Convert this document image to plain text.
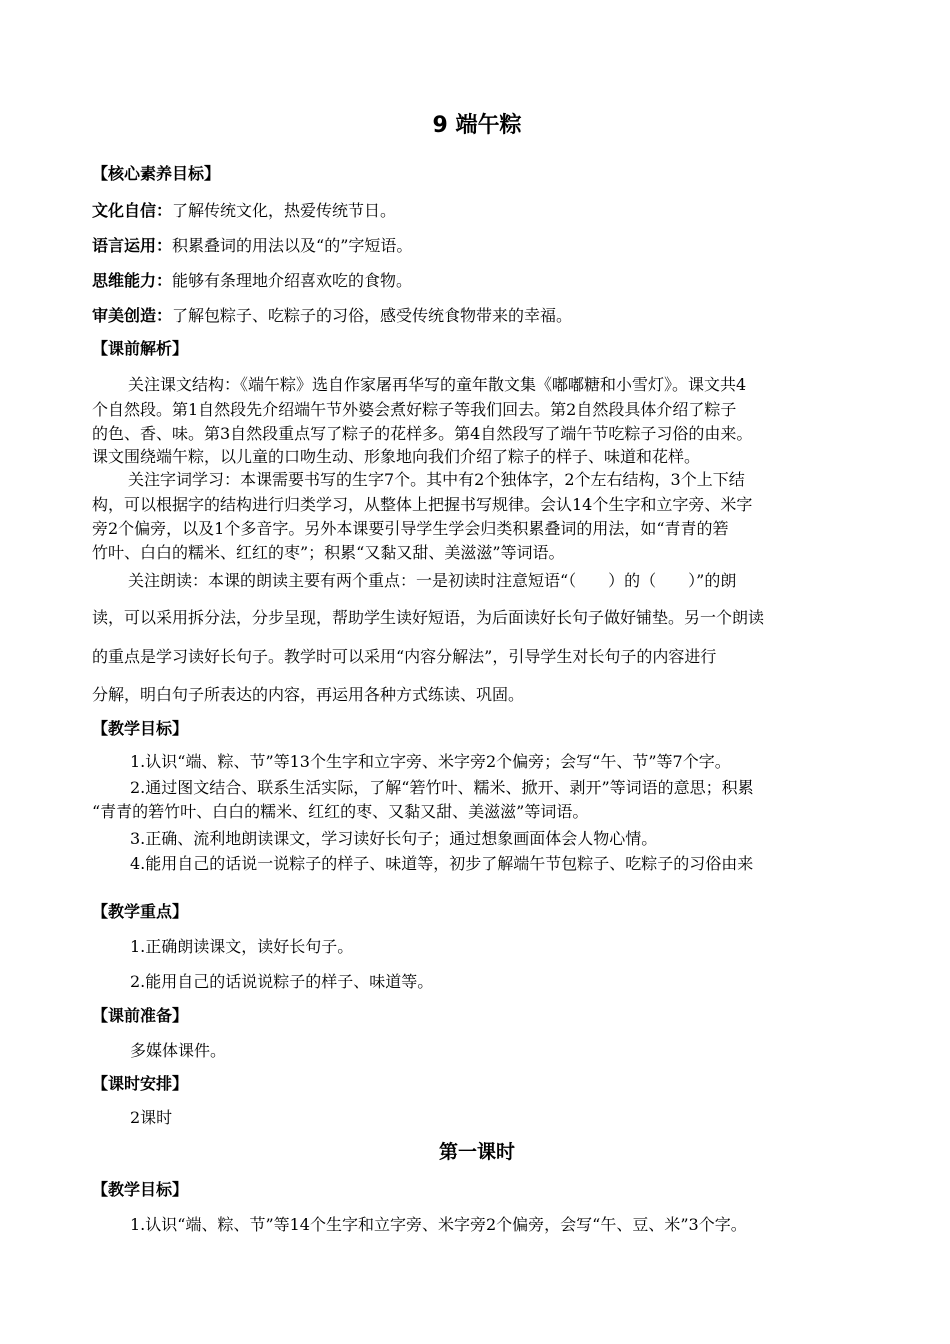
9 端午粽
【核心素养目标】
文化自信：了解传统文化，热爱传统节日。
语言运用：积累叠词的用法以及“的”字短语。
思维能力：能够有条理地介绍喜欢吃的食物。
审美创造：了解包粽子、吃粽子的习俗，感受传统食物带来的幸福。
【课前解析】
关注课文结构：《端午粽》选自作家屠再华写的童年散文集《嘟嘟糖和小雪灯》。课文共4
个自然段。第1自然段先介绍端午节外婆会煮好粽子等我们回去。第2自然段具体介绍了粽子
的色、香、味。第3自然段重点写了粽子的花样多。第4自然段写了端午节吃粽子习俗的由来。
课文围绕端午粽，以儿童的口吻生动、形象地向我们介绍了粽子的样子、味道和花样。
关注字词学习：本课需要书写的生字7个。其中有2个独体字，2个左右结构，3个上下结
构，可以根据字的结构进行归类学习，从整体上把握书写规律。会认14个生字和立字旁、米字
旁2个偏旁，以及1个多音字。另外本课要引导学生学会归类积累叠词的用法，如“青青的箬
竹叶、白白的糯米、红红的枣”；积累“又黏又甜、美滋滋”等词语。
关注朗读：本课的朗读主要有两个重点：一是初读时注意短语“（　　）的（　　）”的朗
读，可以采用拆分法，分步呈现，帮助学生读好短语，为后面读好长句子做好铺垫。另一个朗读
的重点是学习读好长句子。教学时可以采用“内容分解法”，引导学生对长句子的内容进行
分解，明白句子所表达的内容，再运用各种方式练读、巩固。
【教学目标】
1.认识“端、粽、节”等13个生字和立字旁、米字旁2个偏旁；会写“午、节”等7个字。
2.通过图文结合、联系生活实际，了解“箬竹叶、糯米、掀开、剥开”等词语的意思；积累
“青青的箬竹叶、白白的糯米、红红的枣、又黏又甜、美滋滋”等词语。
3.正确、流利地朗读课文，学习读好长句子；通过想象画面体会人物心情。
4.能用自己的话说一说粽子的样子、味道等，初步了解端午节包粽子、吃粽子的习俗由来
【教学重点】
1.正确朗读课文，读好长句子。
2.能用自己的话说说粽子的样子、味道等。
【课前准备】
多媒体课件。
【课时安排】
2课时
第一课时
【教学目标】
1.认识“端、粽、节”等14个生字和立字旁、米字旁2个偏旁，会写“午、豆、米”3个字。
